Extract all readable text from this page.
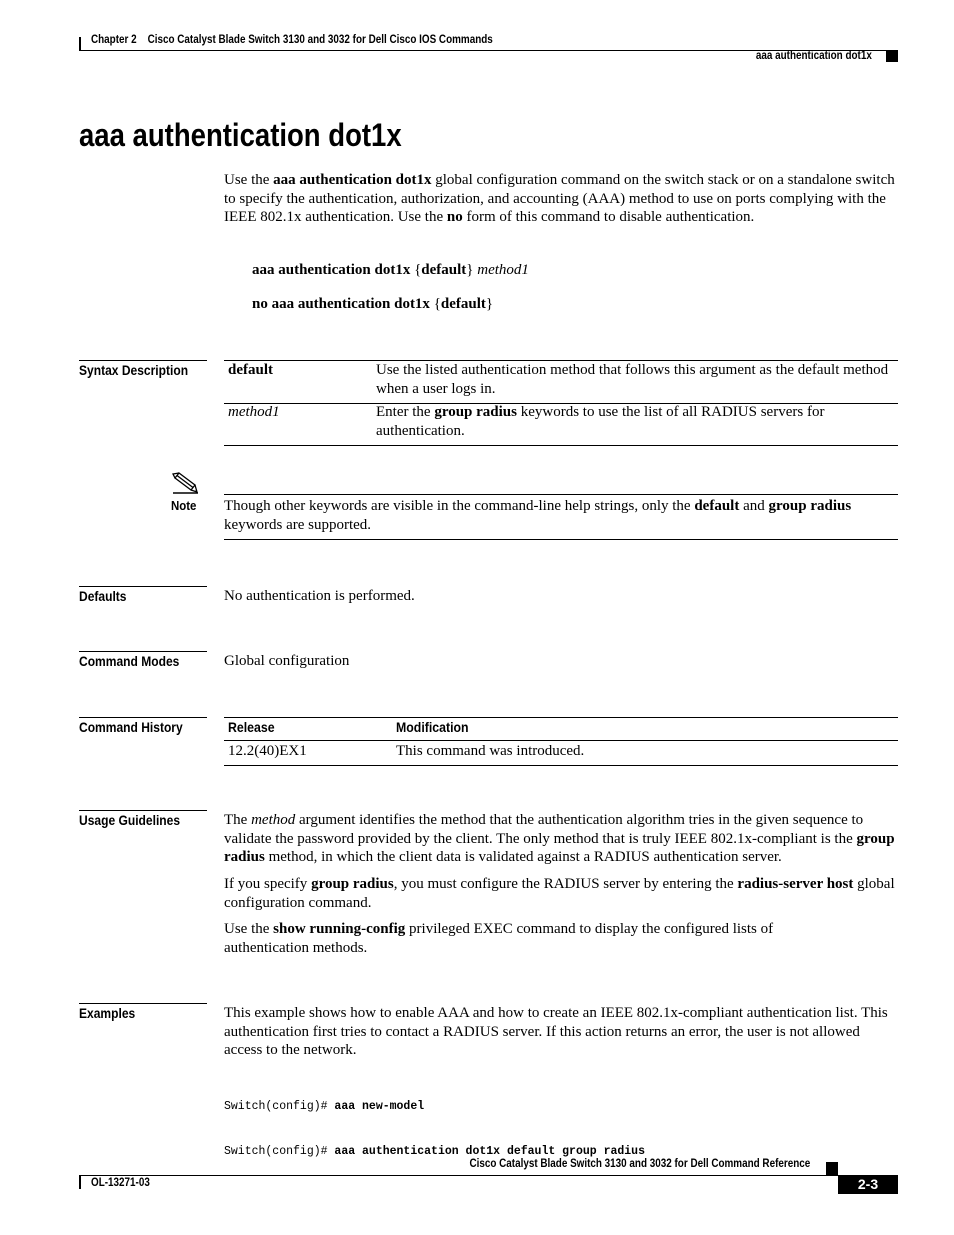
Chapter 2 Cisco Catalyst Blade Switch 3130 and 3032 for Dell Cisco IOS Commands
aaa authentication dot1x
aaa authentication dot1x
Use the aaa authentication dot1x global configuration command on the switch stack or on a standalone switch to specify the authentication, authorization, and accounting (AAA) method to use on ports complying with the IEEE 802.1x authentication. Use the no form of this command to disable authentication.
aaa authentication dot1x {default} method1
no aaa authentication dot1x {default}
Syntax Description	default	Use the listed authentication method that follows this argument as the default method when a user logs in.
method1	Enter the group radius keywords to use the list of all RADIUS servers for authentication.
Note Though other keywords are visible in the command-line help strings, only the default and group radius keywords are supported.
Defaults	No authentication is performed.
Command Modes	Global configuration
Command History	Release	Modification
12.2(40)EX1	This command was introduced.
Usage Guidelines	The method argument identifies the method that the authentication algorithm tries in the given sequence to validate the password provided by the client. The only method that is truly IEEE 802.1x-compliant is the group radius method, in which the client data is validated against a RADIUS authentication server.
If you specify group radius, you must configure the RADIUS server by entering the radius-server host global configuration command.
Use the show running-config privileged EXEC command to display the configured lists of authentication methods.
Examples	This example shows how to enable AAA and how to create an IEEE 802.1x-compliant authentication list. This authentication first tries to contact a RADIUS server. If this action returns an error, the user is not allowed access to the network.

Switch(config)# aaa new-model

Switch(config)# aaa authentication dot1x default group radius

Cisco Catalyst Blade Switch 3130 and 3032 for Dell Command Reference
OL-13271-03	2-3
